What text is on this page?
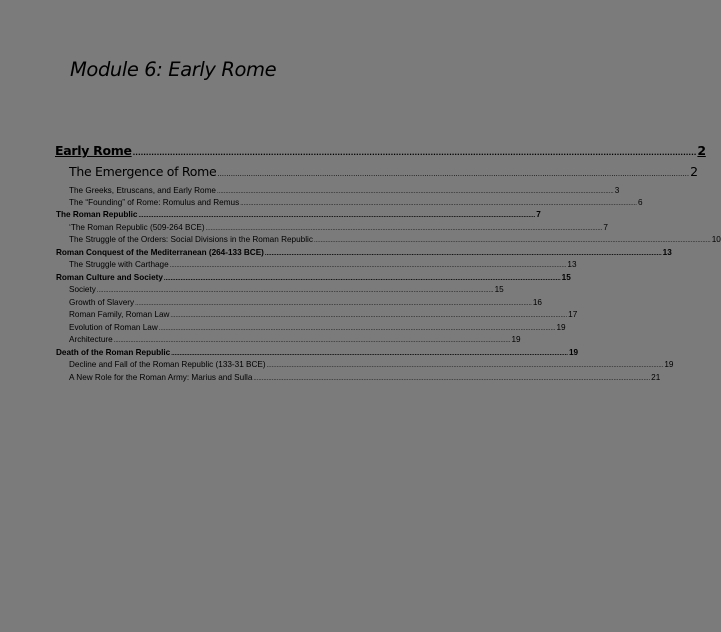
Module 6: Early Rome
Early Rome .................................................................................................................................................................................................................... 2
The Emergence of Rome .................................................................................................................................................................................................................... 2
The Greeks, Etruscans, and Early Rome .............................................................................................................................................................................................................................................. 3
The “Founding” of Rome: Romulus and Remus .............................................................................................................................................................................................................................................. 6
The Roman Republic .............................................................................................................................................................................................................................................. 7
‘The Roman Republic (509-264 BCE) .............................................................................................................................................................................................................................................. 7
The Struggle of the Orders: Social Divisions in the Roman Republic .............................................................................................................................................................................................................................................. 10
Roman Conquest of the Mediterranean (264-133 BCE) .............................................................................................................................................................................................................................................. 13
The Struggle with Carthage .............................................................................................................................................................................................................................................. 13
Roman Culture and Society .............................................................................................................................................................................................................................................. 15
Society .............................................................................................................................................................................................................................................. 15
Growth of Slavery .............................................................................................................................................................................................................................................. 16
Roman Family, Roman Law .............................................................................................................................................................................................................................................. 17
Evolution of Roman Law .............................................................................................................................................................................................................................................. 19
Architecture .............................................................................................................................................................................................................................................. 19
Death of the Roman Republic .............................................................................................................................................................................................................................................. 19
Decline and Fall of the Roman Republic (133-31 BCE) .............................................................................................................................................................................................................................................. 19
A New Role for the Roman Army: Marius and Sulla .............................................................................................................................................................................................................................................. 21
